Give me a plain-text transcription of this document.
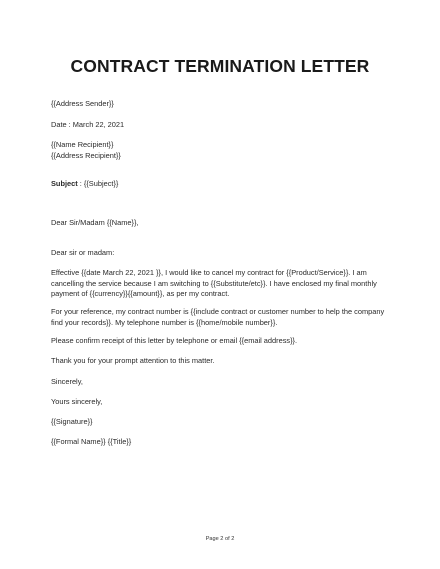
CONTRACT TERMINATION LETTER
{{Address Sender}}
Date : March 22, 2021
{{Name Recipient}}
{{Address Recipient}}
Subject : {{Subject}}
Dear Sir/Madam {{Name}},
Dear sir or madam:
Effective {{date March 22, 2021 }}, I would like to cancel my contract for {{Product/Service}}. I am
cancelling the service because I am switching to {{Substitute/etc}}. I have enclosed my final monthly
payment of {{currency}}{{amount}}, as per my contract.
For your reference, my contract number is {{include contract or customer number to help the company
find your records}}. My telephone number is {{home/mobile number}}.
Please confirm receipt of this letter by telephone or email {{email address}}.
Thank you for your prompt attention to this matter.
Sincerely,
Yours sincerely,
{{Signature}}
{{Formal Name}} {{Title}}
Page 2 of 2
